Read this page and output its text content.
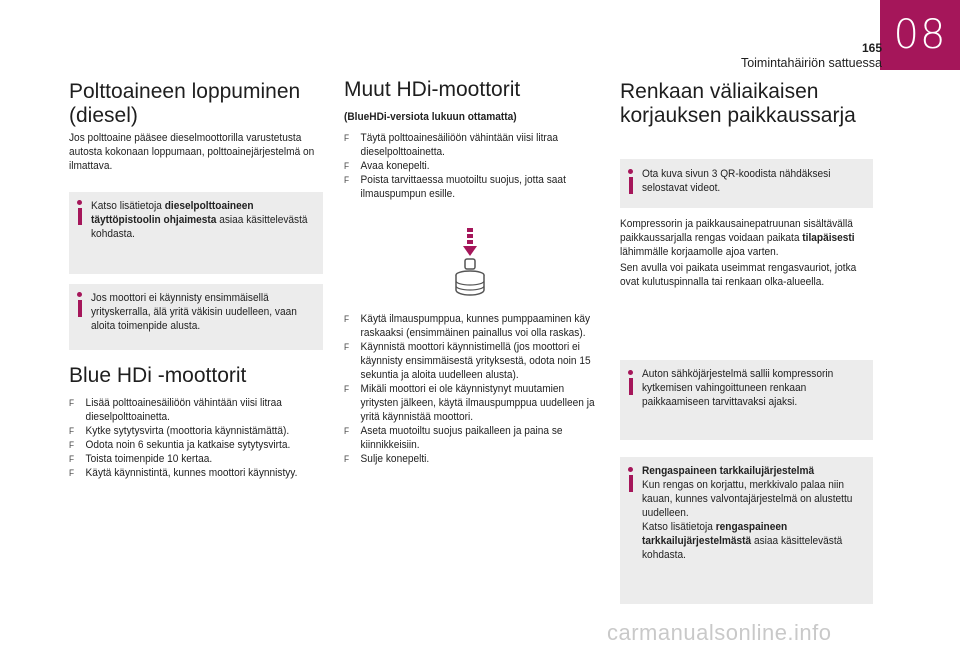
08
165
Toimintahäiriön sattuessa
Polttoaineen loppuminen (diesel)

Jos polttoaine pääsee dieselmoottorilla varustetusta autosta kokonaan loppumaan, polttoainejärjestelmä on ilmattava.

Katso lisätietoja dieselpolttoaineen täyttöpistoolin ohjaimesta asiaa käsittelevästä kohdasta.

Jos moottori ei käynnisty ensimmäisellä yrityskerralla, älä yritä väkisin uudelleen, vaan aloita toimenpide alusta.

Blue HDi -moottorit
F Lisää polttoainesäiliöön vähintään viisi litraa dieselpolttoainetta.
F Kytke sytytysvirta (moottoria käynnistämättä).
F Odota noin 6 sekuntia ja katkaise sytytysvirta.
F Toista toimenpide 10 kertaa.
F Käytä käynnistintä, kunnes moottori käynnistyy.
Muut HDi-moottorit

(BlueHDi-versiota lukuun ottamatta)

F Täytä polttoainesäiliöön vähintään viisi litraa dieselpolttoainetta.
F Avaa konepelti.
F Poista tarvittaessa muotoiltu suojus, jotta saat ilmauspumpun esille.
F Käytä ilmauspumppua, kunnes pumppaaminen käy raskaaksi (ensimmäinen painallus voi olla raskas).
F Käynnistä moottori käynnistimellä (jos moottori ei käynnisty ensimmäisestä yrityksestä, odota noin 15 sekuntia ja aloita uudelleen alusta).
F Mikäli moottori ei ole käynnistynyt muutamien yritysten jälkeen, käytä ilmauspumppua uudelleen ja yritä käynnistää moottori.
F Aseta muotoiltu suojus paikalleen ja paina se kiinnikkeisiin.
F Sulje konepelti.
Renkaan väliaikaisen korjauksen paikkaussarja

Ota kuva sivun 3 QR-koodista nähdäksesi selostavat videot.

Kompressorin ja paikkausainepatruunan sisältävällä paikkaussarjalla rengas voidaan paikata tilapäisesti lähimmälle korjaamolle ajoa varten.

Sen avulla voi paikata useimmat rengasvauriot, jotka ovat kulutuspinnalla tai renkaan olka-alueella.

Auton sähköjärjestelmä sallii kompressorin kytkemisen vahingoittuneen renkaan paikkaamiseen tarvittavaksi ajaksi.

Rengaspaineen tarkkailujärjestelmä
Kun rengas on korjattu, merkkivalo palaa niin kauan, kunnes valvontajärjestelmä on alustettu uudelleen.
Katso lisätietoja rengaspaineen tarkkailujärjestelmästä asiaa käsittelevästä kohdasta.
carmanualsonline.info
